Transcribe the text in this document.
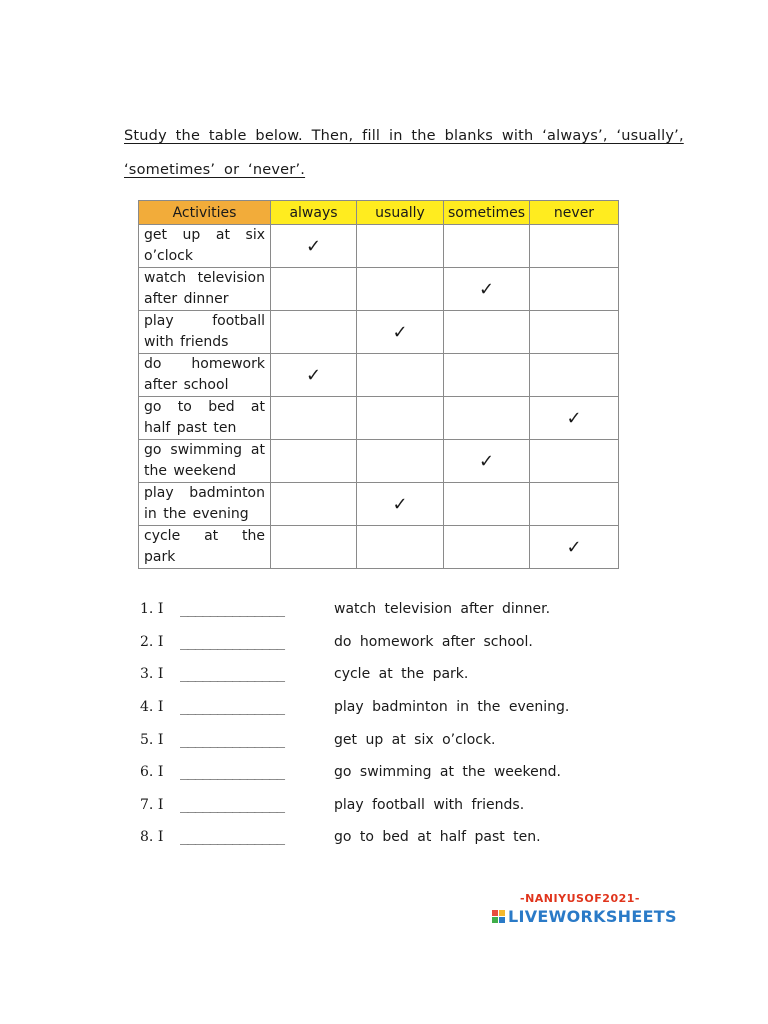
Study the table below. Then, fill in the blanks with ‘always’, ‘usually’,
‘sometimes’ or ‘never’.
Activities	always	usually	sometimes	never
get up at six o’clock	✓			
watch television after dinner			✓	
play football with friends		✓		
do homework after school	✓			
go to bed at half past ten				✓
go swimming at the weekend			✓	
play badminton in the evening		✓		
cycle at the park				✓
1. I	______________	watch television after dinner.
2. I	______________	do homework after school.
3. I	______________	cycle at the park.
4. I	______________	play badminton in the evening.
5. I	______________	get up at six o’clock.
6. I	______________	go swimming at the weekend.
7. I	______________	play football with friends.
8. I	______________	go to bed at half past ten.
-NANIYUSOF2021-
LIVEWORKSHEETS
